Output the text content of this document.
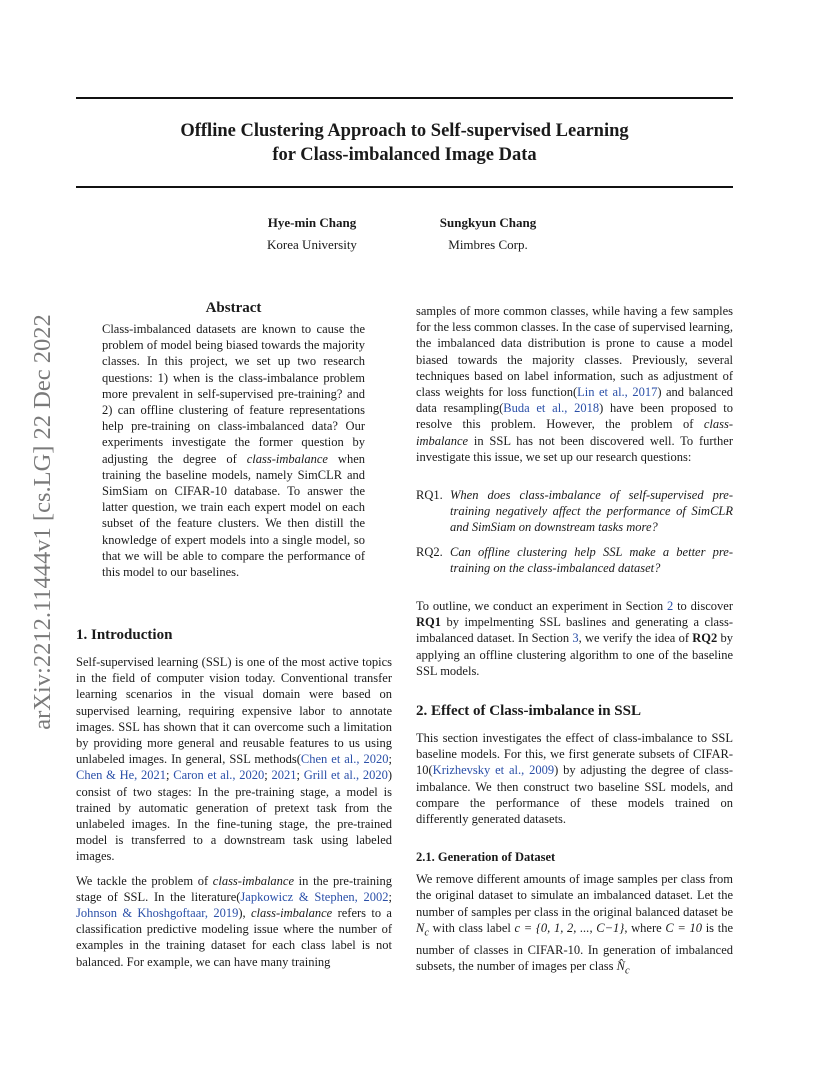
Offline Clustering Approach to Self-supervised Learning
for Class-imbalanced Image Data
Hye-min Chang
Korea University
Sungkyun Chang
Mimbres Corp.
arXiv:2212.11444v1 [cs.LG] 22 Dec 2022
Abstract

Class-imbalanced datasets are known to cause the problem of model being biased towards the majority classes. In this project, we set up two research questions: 1) when is the class-imbalance problem more prevalent in self-supervised pre-training? and 2) can offline clustering of feature representations help pre-training on class-imbalanced data? Our experiments investigate the former question by adjusting the degree of class-imbalance when training the baseline models, namely SimCLR and SimSiam on CIFAR-10 database. To answer the latter question, we train each expert model on each subset of the feature clusters. We then distill the knowledge of expert models into a single model, so that we will be able to compare the performance of this model to our baselines.

1. Introduction

Self-supervised learning (SSL) is one of the most active topics in the field of computer vision today. Conventional transfer learning scenarios in the visual domain were based on supervised learning, requiring expensive labor to annotate images. SSL has shown that it can overcome such a limitation by providing more general and reusable features to us using unlabeled images. In general, SSL methods(Chen et al., 2020; Chen & He, 2021; Caron et al., 2020; 2021; Grill et al., 2020) consist of two stages: In the pre-training stage, a model is trained by automatic generation of pretext task from the unlabeled images. In the fine-tuning stage, the pre-trained model is transferred to a downstream task using labeled images.

We tackle the problem of class-imbalance in the pre-training stage of SSL. In the literature(Japkowicz & Stephen, 2002; Johnson & Khoshgoftaar, 2019), class-imbalance refers to a classification predictive modeling issue where the number of examples in the training dataset for each class label is not balanced. For example, we can have many training

samples of more common classes, while having a few samples for the less common classes. In the case of supervised learning, the imbalanced data distribution is prone to cause a model biased towards the majority classes. Previously, several techniques based on label information, such as adjustment of class weights for loss function(Lin et al., 2017) and balanced data resampling(Buda et al., 2018) have been proposed to resolve this problem. However, the problem of class-imbalance in SSL has not been discovered well. To further investigate this issue, we set up our research questions:

RQ1. When does class-imbalance of self-supervised pre-training negatively affect the performance of SimCLR and SimSiam on downstream tasks more?

RQ2. Can offline clustering help SSL make a better pre-training on the class-imbalanced dataset?

To outline, we conduct an experiment in Section 2 to discover RQ1 by impelmenting SSL baslines and generating a class-imbalanced dataset. In Section 3, we verify the idea of RQ2 by applying an offline clustering algorithm to one of the baseline SSL models.

2. Effect of Class-imbalance in SSL

This section investigates the effect of class-imbalance to SSL baseline models. For this, we first generate subsets of CIFAR-10(Krizhevsky et al., 2009) by adjusting the degree of class-imbalance. We then construct two baseline SSL models, and compare the performance of these models trained on differently generated datasets.

2.1. Generation of Dataset

We remove different amounts of image samples per class from the original dataset to simulate an imbalanced dataset. Let the number of samples per class in the original balanced dataset be $N_c$ with class label c = {0, 1, 2, ..., C−1}, where C = 10 is the number of classes in CIFAR-10. In generation of imbalanced subsets, the number of images per class $N̂_c$
